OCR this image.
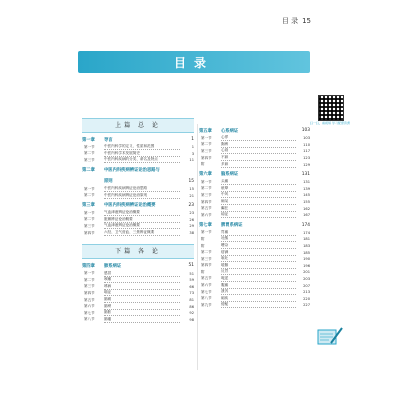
目 录 15
目录
扫一扫，看视频 学习配套资源
上篇 总 论
第一章	导言	1
第一节	中医内科学的定义、性质和范围	1
第二节	中医内科学术发展简史	3
第三节	中医内科疾病的分类、命名及特点	11
第二章	中医内科疾病辨证论治思路与
原则	15
第一节	中医内科疾病辨证论治思路	15
第二节	中医内科疾病辨证论治原则	21
第三章	中医内科疾病辨证论治概要	23
第一节	气血津液辨证论治概要	23
第二节	脏腑辨证论治概要	26
第三节	气血津液辨证论治概要	29
第四节	六经、卫气营血、三焦辨证概要	38
下篇 各 论
第四章	肺系病证	51
第一节	感冒	51
第二节	咳嗽	59
第三节	哮病	66
第四节	喘证	73
第五节	肺痈	81
第六节	肺痨	86
第七节	肺胀	92
第八节	肺痿	98
第五章	心系病证	103
第一节	心悸	103
第二节	胸痹	110
第三节	心衰	117
第四节	不寐	123
附	多寐	129
第六章	脑系病证	131
第一节	头痛	131
第二节	眩晕	139
第三节	中风	145
第四节	痴呆	155
第五节	癫狂	162
第六节	痫证	167
第七章	脾胃系病证	174
第一节	胃痛	174
附	吐酸	181
附	嘈杂	183
第二节	痞满	185
第三节	呕吐	190
第四节	噎膈	196
附	反胃	201
第五节	呃逆	203
第六节	腹痛	207
第七节	泄泻	213
第八节	痢疾	220
第九节	便秘	227
